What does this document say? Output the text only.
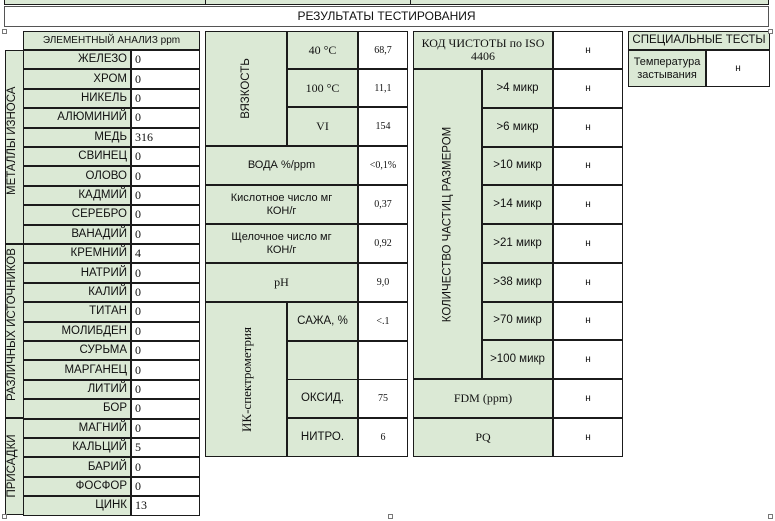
РЕЗУЛЬТАТЫ ТЕСТИРОВАНИЯ
ЭЛЕМЕНТНЫЙ АНАЛИЗ ppm
МЕТАЛЛЫ ИЗНОСА
РАЗЛИЧНЫХ ИСТОЧНИКОВ
ПРИСАДКИ
ЖЕЛЕЗО 0
ХРОМ 0
НИКЕЛЬ 0
АЛЮМИНИЙ 0
МЕДЬ 316
СВИНЕЦ 0
ОЛОВО 0
КАДМИЙ 0
СЕРЕБРО 0
ВАНАДИЙ 0
КРЕМНИЙ 4
НАТРИЙ 0
КАЛИЙ 0
ТИТАН 0
МОЛИБДЕН 0
СУРЬМА 0
МАРГАНЕЦ 0
ЛИТИЙ 0
БОР 0
МАГНИЙ 0
КАЛЬЦИЙ 5
БАРИЙ 0
ФОСФОР 0
ЦИНК 13
ВЯЗКОСТЬ
40 °C	68,7
100 °C	11,1
VI	154
ВОДА %/ppm	<0,1%
Кислотное число мг КОН/г	0,37
Щелочное число мг КОН/г	0,92
pH	9,0
ИК-спектрометрия
САЖА, %	<.1
ОКСИД.	75
НИТРО.	6
КОД ЧИСТОТЫ по ISO 4406	н
КОЛИЧЕСТВО ЧАСТИЦ РАЗМЕРОМ
>4 микр	н
>6 микр	н
>10 микр	н
>14 микр	н
>21 микр	н
>38 микр	н
>70 микр	н
>100 микр	н
FDM (ppm)	н
PQ	н
СПЕЦИАЛЬНЫЕ ТЕСТЫ
Температура застывания	н
